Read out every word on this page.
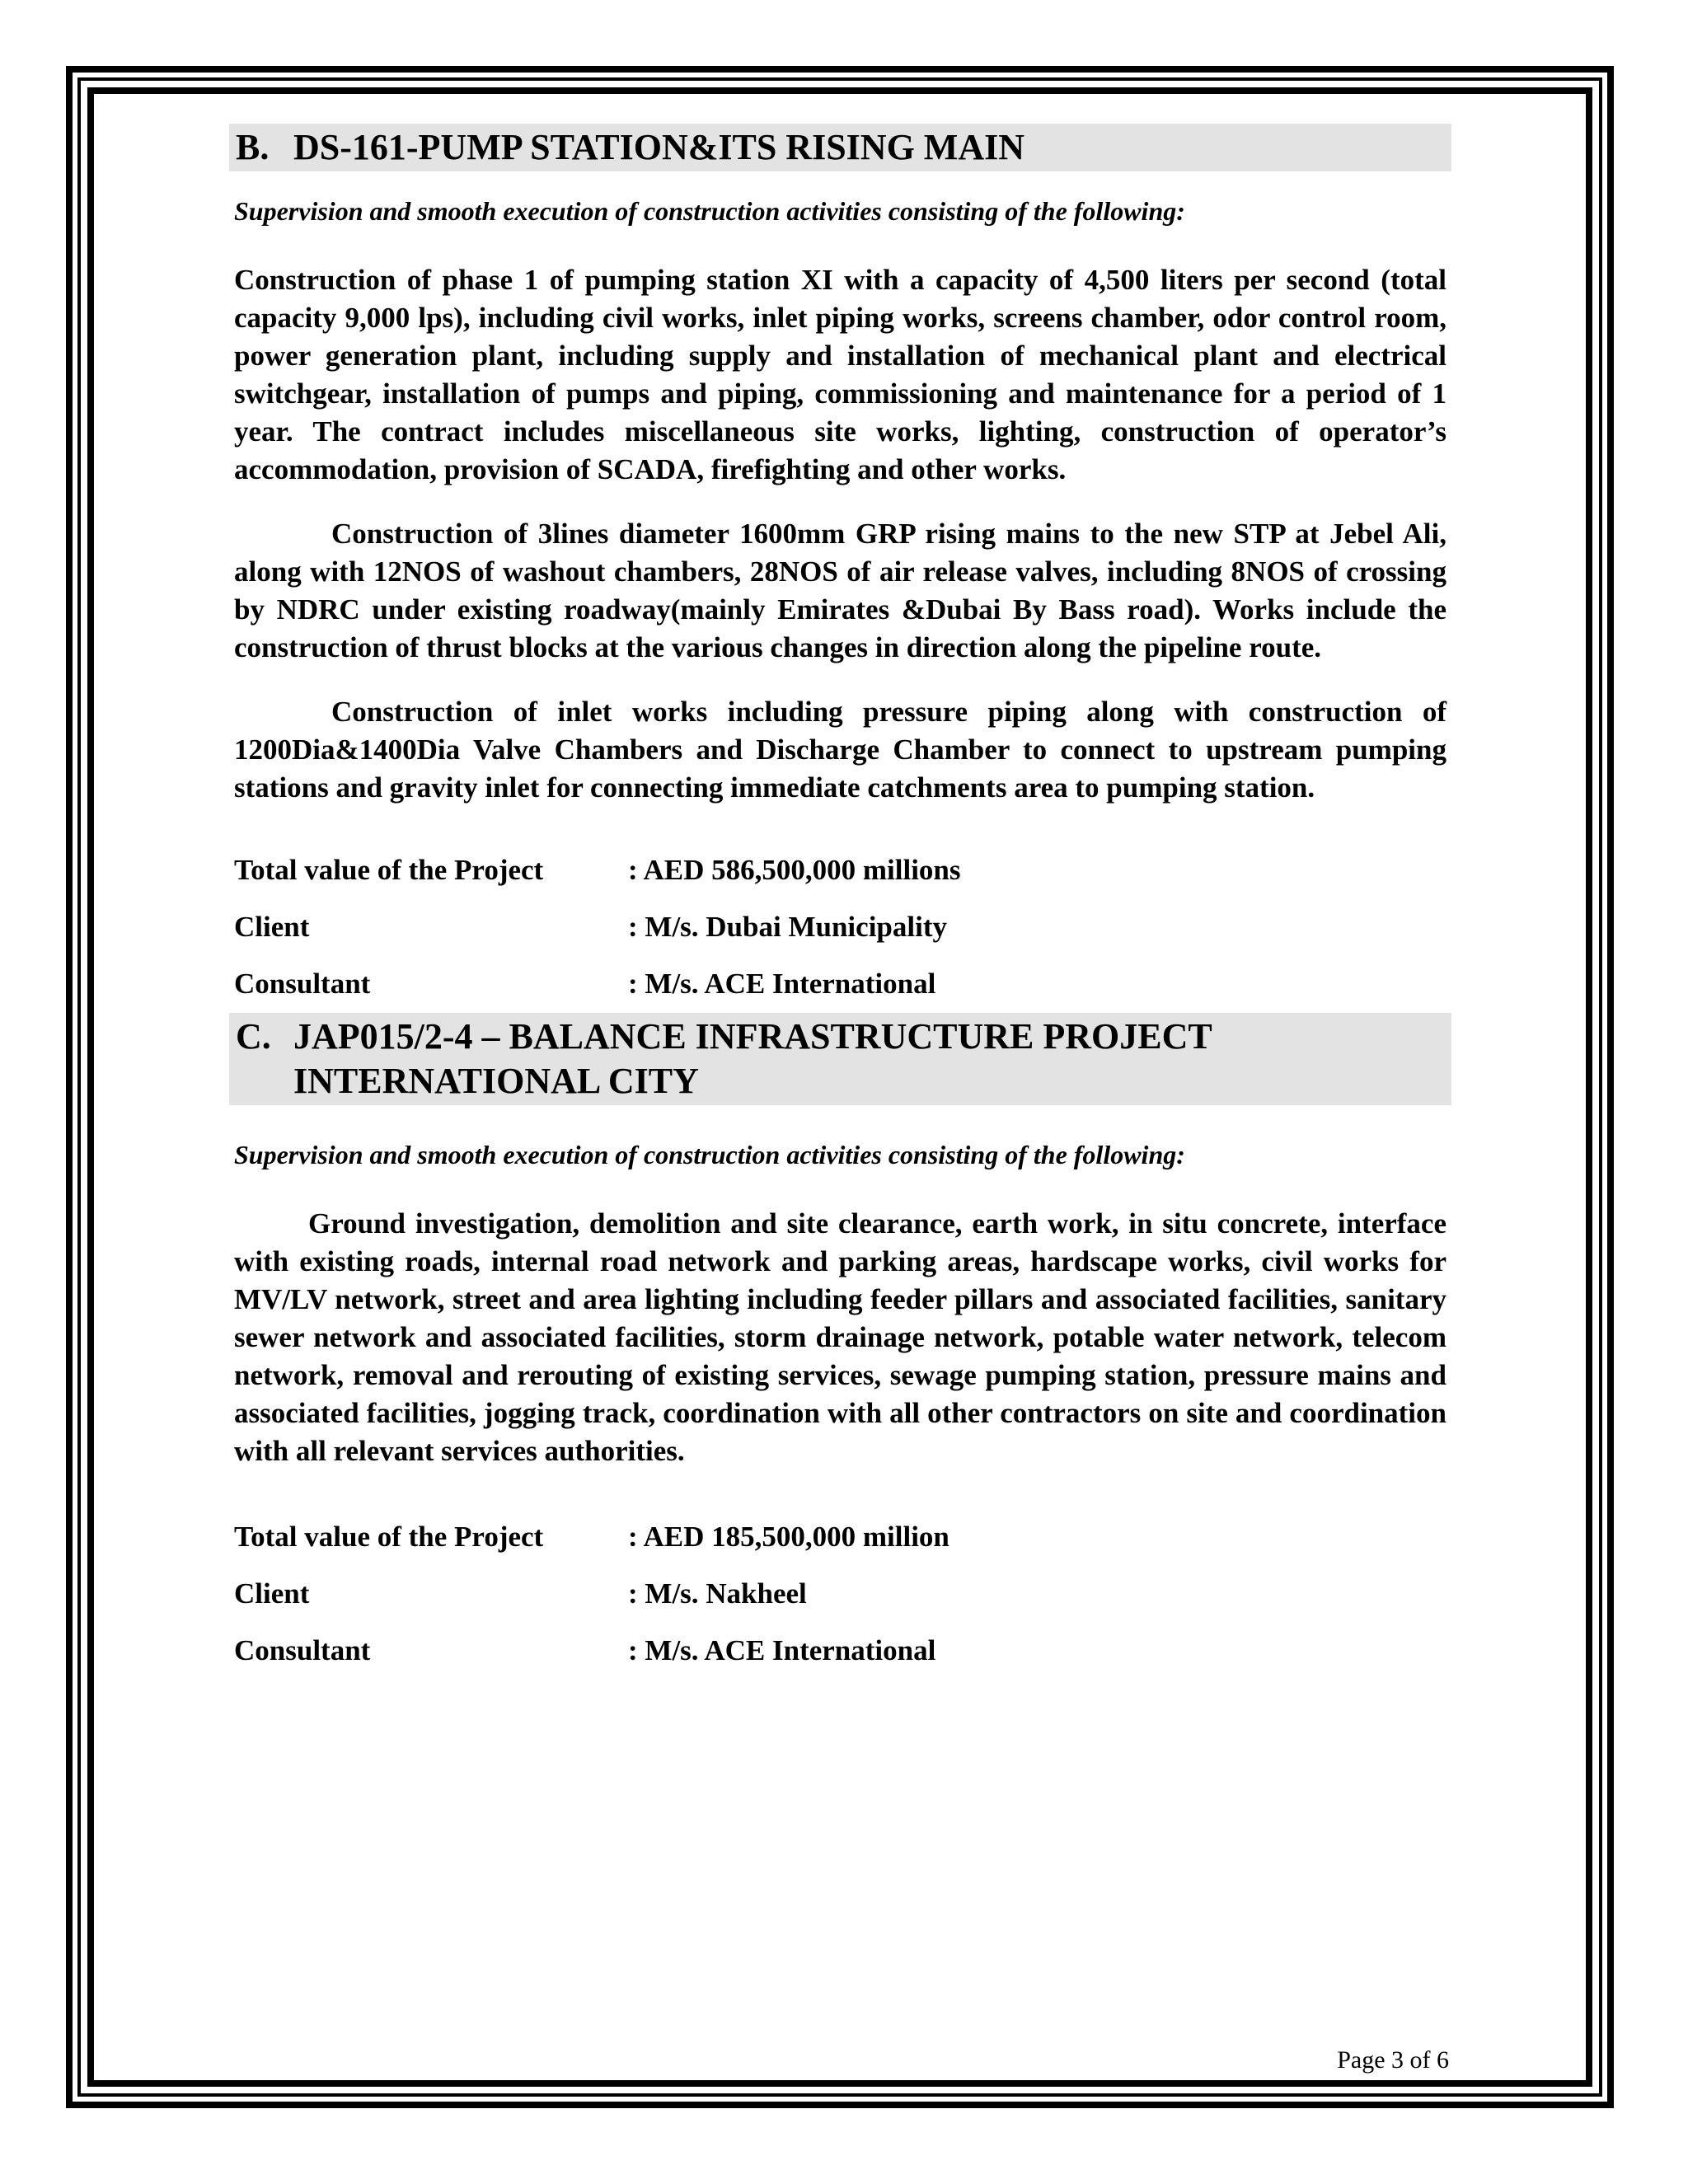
B. DS-161-PUMP STATION&ITS RISING MAIN
Supervision and smooth execution of construction activities consisting of the following:

Construction of phase 1 of pumping station XI with a capacity of 4,500 liters per second (total capacity 9,000 lps), including civil works, inlet piping works, screens chamber, odor control room, power generation plant, including supply and installation of mechanical plant and electrical switchgear, installation of pumps and piping, commissioning and maintenance for a period of 1 year. The contract includes miscellaneous site works, lighting, construction of operator’s accommodation, provision of SCADA, firefighting and other works.

Construction of 3lines diameter 1600mm GRP rising mains to the new STP at Jebel Ali, along with 12NOS of washout chambers, 28NOS of air release valves, including 8NOS of crossing by NDRC under existing roadway(mainly Emirates &Dubai By Bass road). Works include the construction of thrust blocks at the various changes in direction along the pipeline route.

Construction of inlet works including pressure piping along with construction of 1200Dia&1400Dia Valve Chambers and Discharge Chamber to connect to upstream pumping stations and gravity inlet for connecting immediate catchments area to pumping station.

Total value of the Project	: AED 586,500,000 millions
Client	: M/s. Dubai Municipality
Consultant	: M/s. ACE International
C. JAP015/2-4 – BALANCE INFRASTRUCTURE PROJECT
INTERNATIONAL CITY
Supervision and smooth execution of construction activities consisting of the following:

Ground investigation, demolition and site clearance, earth work, in situ concrete, interface with existing roads, internal road network and parking areas, hardscape works, civil works for MV/LV network, street and area lighting including feeder pillars and associated facilities, sanitary sewer network and associated facilities, storm drainage network, potable water network, telecom network, removal and rerouting of existing services, sewage pumping station, pressure mains and associated facilities, jogging track, coordination with all other contractors on site and coordination with all relevant services authorities.

Total value of the Project	: AED 185,500,000 million
Client	: M/s. Nakheel
Consultant	: M/s. ACE International
Page 3 of 6
